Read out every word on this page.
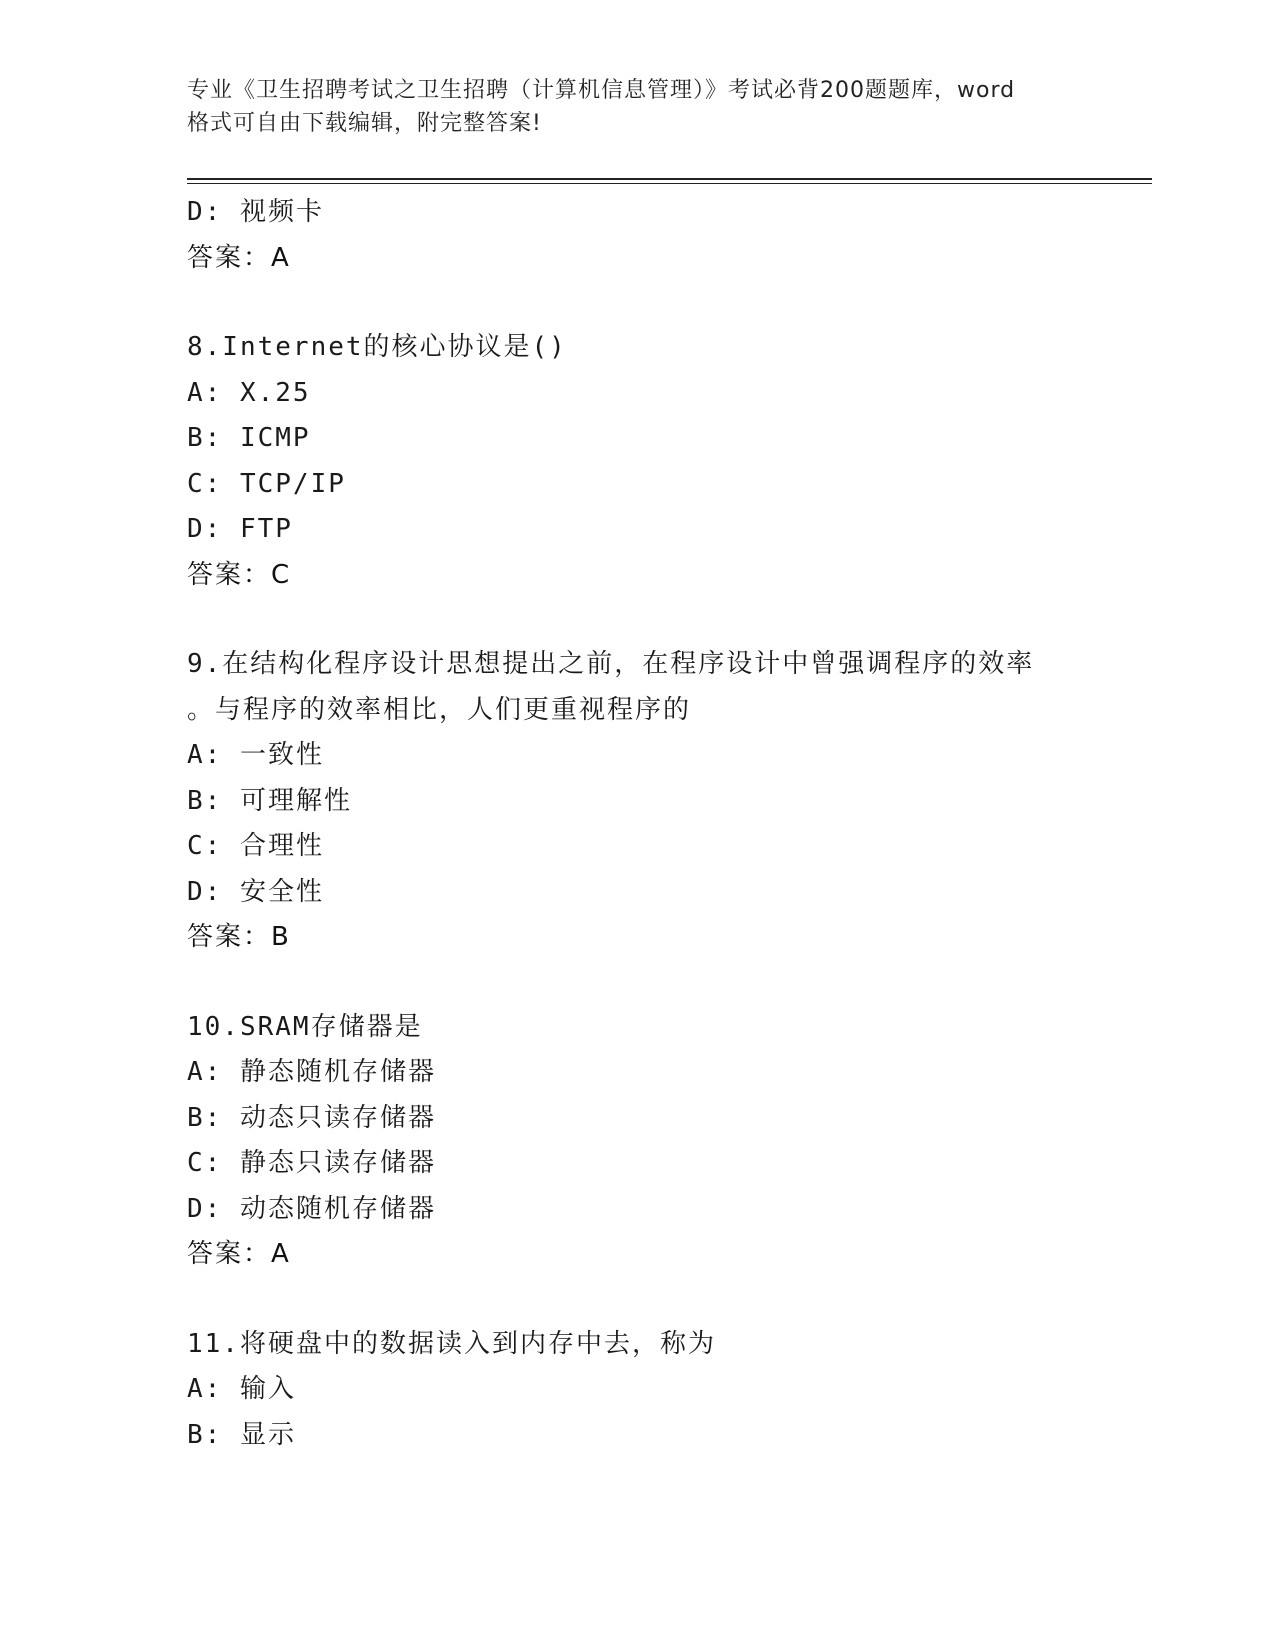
专业《卫生招聘考试之卫生招聘（计算机信息管理）》考试必背200题题库，word
格式可自由下载编辑，附完整答案!
D: 视频卡
答案：A
8.Internet的核心协议是()
A: X.25
B: ICMP
C: TCP/IP
D: FTP
答案：C
9.在结构化程序设计思想提出之前，在程序设计中曾强调程序的效率
。与程序的效率相比，人们更重视程序的
A: 一致性
B: 可理解性
C: 合理性
D: 安全性
答案：B
10.SRAM存储器是
A: 静态随机存储器
B: 动态只读存储器
C: 静态只读存储器
D: 动态随机存储器
答案：A
11.将硬盘中的数据读入到内存中去，称为
A: 输入
B: 显示
